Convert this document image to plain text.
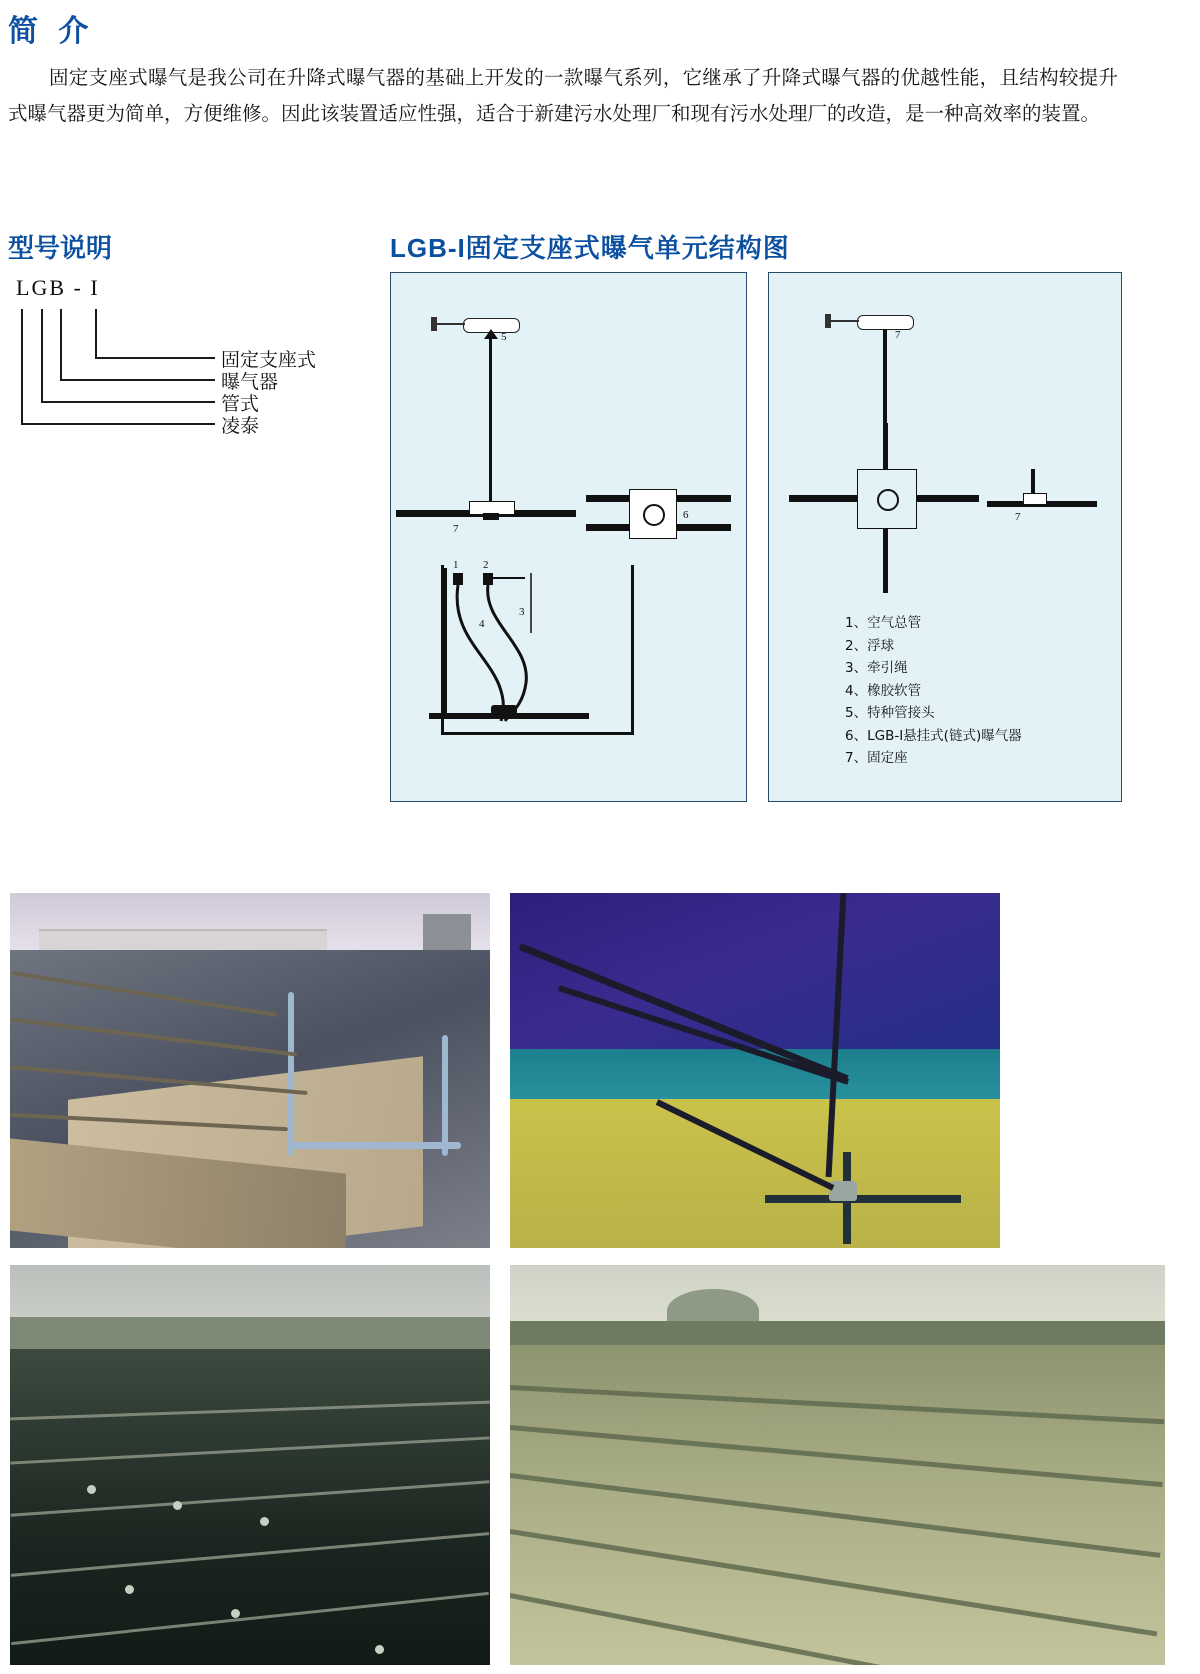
简 介
固定支座式曝气是我公司在升降式曝气器的基础上开发的一款曝气系列，它继承了升降式曝气器的优越性能，且结构较提升式曝气器更为简单，方便维修。因此该装置适应性强，适合于新建污水处理厂和现有污水处理厂的改造，是一种高效率的装置。
型号说明
LGB - I
固定支座式
曝气器
管式
凌泰
LGB-I固定支座式曝气单元结构图
5
7
6
1 2
4
3
7
7
1、空气总管
2、浮球
3、牵引绳
4、橡胶软管
5、特种管接头
6、LGB-I悬挂式(链式)曝气器
7、固定座
